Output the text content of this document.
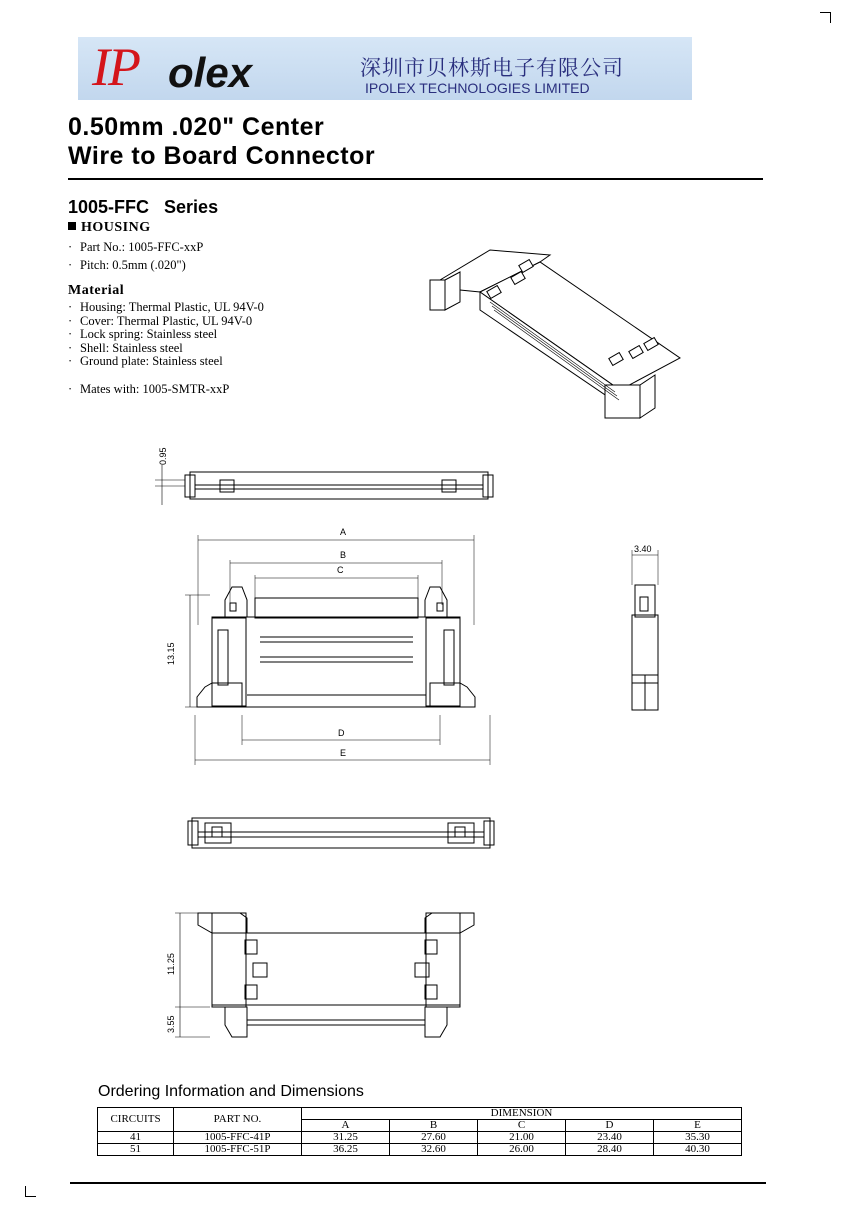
IP olex	深圳市贝林斯电子有限公司
IPOLEX TECHNOLOGIES LIMITED
0.50mm .020" Center
Wire to Board Connector
1005-FFC   Series
HOUSING
· Part No.: 1005-FFC-xxP
· Pitch: 0.5mm (.020")
Material
· Housing: Thermal Plastic, UL 94V-0
· Cover: Thermal Plastic, UL 94V-0
· Lock spring: Stainless steel
· Shell: Stainless steel
· Ground plate: Stainless steel
· Mates with: 1005-SMTR-xxP
0.95
A
B
C
D
E
13.15
3.40
11.25
3.55
Ordering Information and Dimensions
CIRCUITS	PART NO.	DIMENSION				
		A	B	C	D	E
41	1005-FFC-41P	31.25	27.60	21.00	23.40	35.30
51	1005-FFC-51P	36.25	32.60	26.00	28.40	40.30
